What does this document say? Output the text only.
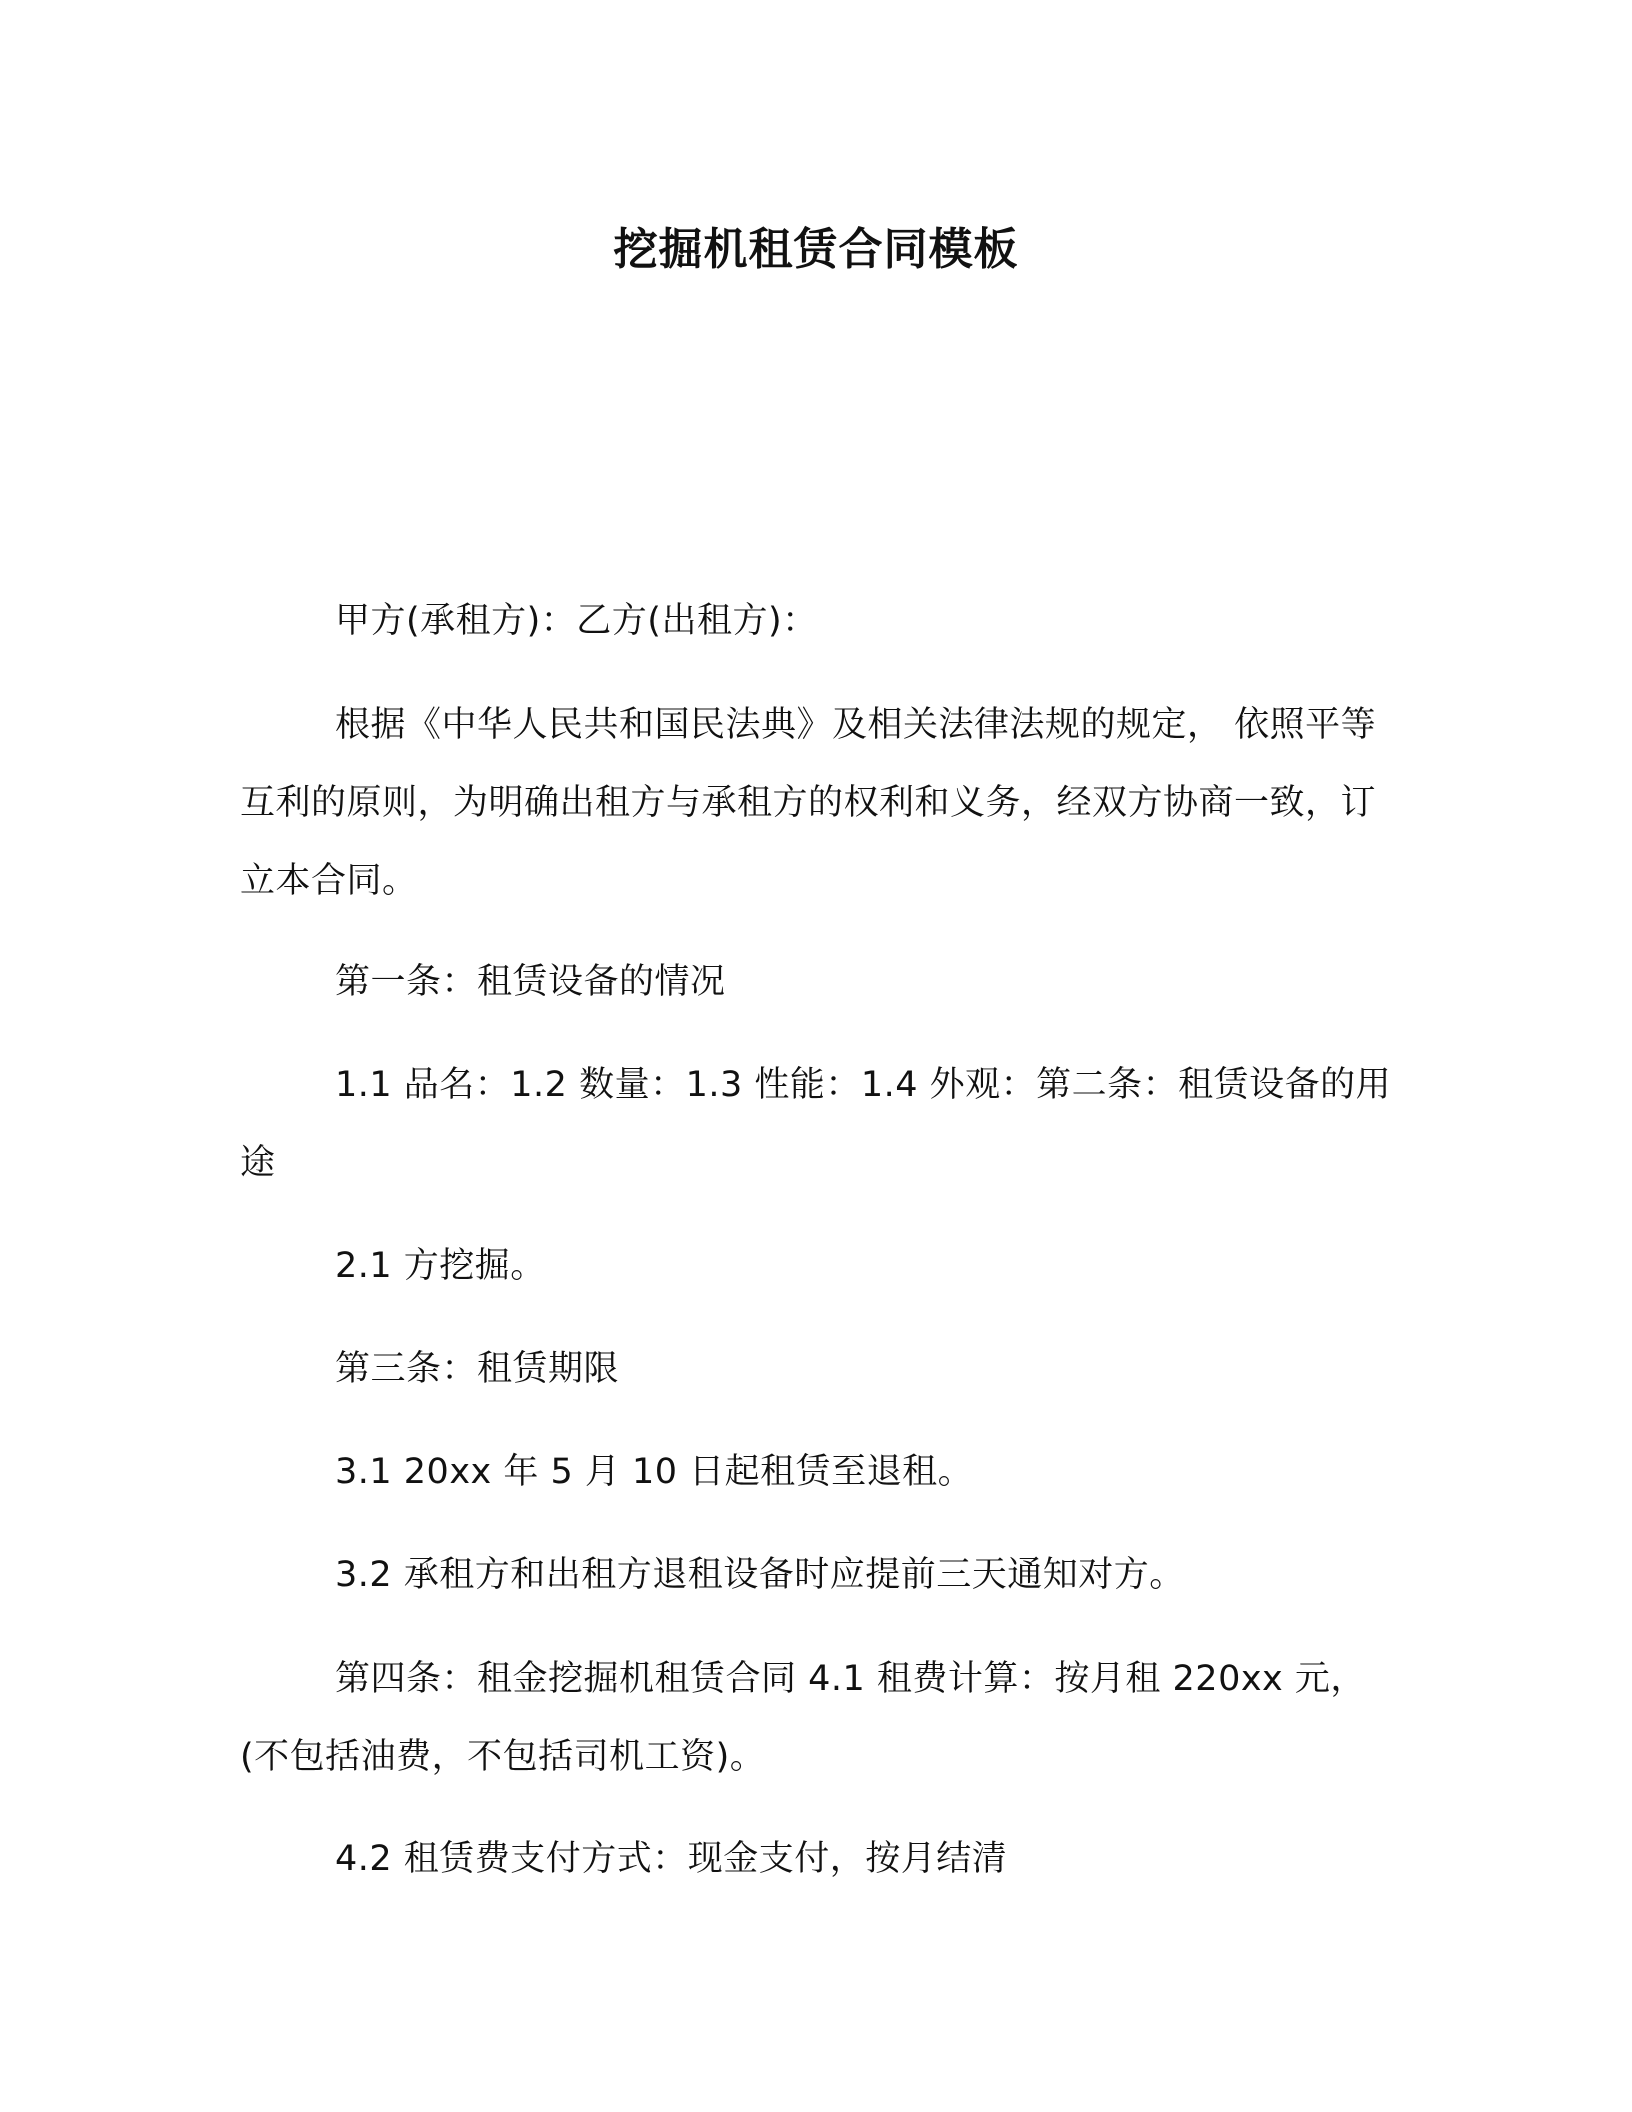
挖掘机租赁合同模板
甲方(承租方)：乙方(出租方)：
根据《中华人民共和国民法典》及相关法律法规的规定， 依照平等互利的原则，为明确出租方与承租方的权利和义务，经双方协商一致，订立本合同。
第一条：租赁设备的情况
1.1 品名：1.2 数量：1.3 性能：1.4 外观：第二条：租赁设备的用途
2.1 方挖掘。
第三条：租赁期限
3.1 20xx 年 5 月 10 日起租赁至退租。
3.2 承租方和出租方退租设备时应提前三天通知对方。
第四条：租金挖掘机租赁合同 4.1 租费计算：按月租 220xx 元，(不包括油费，不包括司机工资)。
4.2 租赁费支付方式：现金支付，按月结清
